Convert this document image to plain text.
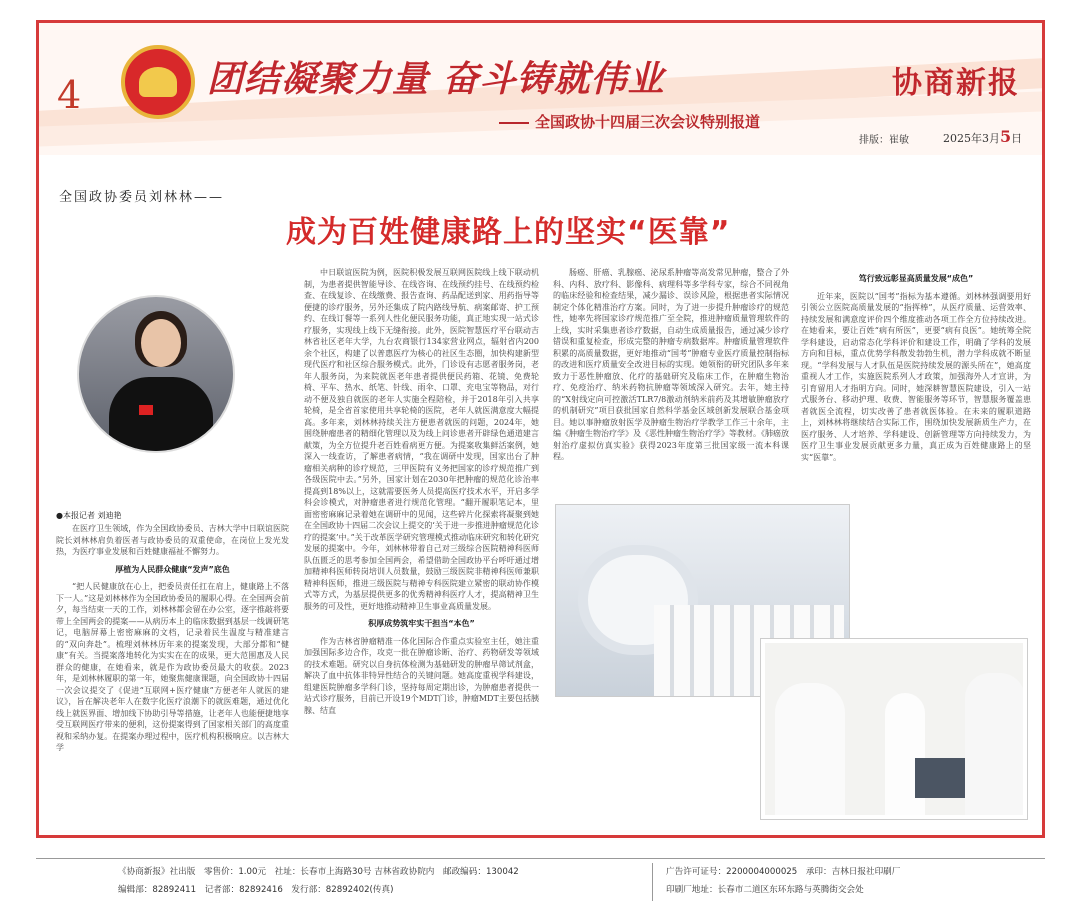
4	团结凝聚力量 奋斗铸就伟业
全国政协十四届三次会议特别报道
协商新报
排版：崔敏	2025年3月5日
全国政协委员刘林林——
成为百姓健康路上的坚实“医靠”
●本报记者 刘迪艳

在医疗卫生领域，作为全国政协委员、吉林大学中日联谊医院院长刘林林肩负着医者与政协委员的双重使命，在岗位上发光发热，为医疗事业发展和百姓健康福祉不懈努力。

厚植为人民群众健康“发声”底色

“把人民健康放在心上，把委员责任扛在肩上，健康路上不落下一人。”这是刘林林作为全国政协委员的履职心得。在全国两会前夕，每当结束一天的工作，刘林林都会留在办公室，逐字推敲将要带上全国两会的提案——从病历本上的临床数据到基层一线调研笔记，电脑屏幕上密密麻麻的文档，记录着民生温度与精准建言的“双向奔赴”。梳理刘林林历年来的提案发现，大部分都和“健康”有关。当提案落地转化为实实在在的成果，更大范围惠及人民群众的健康，在她看来，就是作为政协委员最大的收获。2023年，是刘林林履职的第一年，她聚焦健康课题，向全国政协十四届一次会议提交了《促进“互联网+医疗健康”方便老年人就医的建议》，旨在解决老年人在数字化医疗浪潮下的就医难题，通过优化线上就医界面、增加线下协助引导等措施，让老年人也能便捷地享受互联网医疗带来的便利，这份提案得到了国家相关部门的高度重视和采纳办复。在提案办理过程中，医疗机构积极响应。以吉林大学

中日联谊医院为例，医院积极发展互联网医院线上线下联动机制，为患者提供智能导诊、在线咨询、在线预约挂号、在线预约检查、在线复诊、在线缴费、报告查询、药品配送到家、用药指导等便捷的诊疗服务，另外还集成了院内路线导航、病案邮寄、护工预约、在线订餐等一系列人性化便民服务功能，真正地实现一站式诊疗服务，实现线上线下无缝衔接。此外，医院智慧医疗平台联动吉林省社区老年大学，九台农商银行134家营业网点，辐射省内200余个社区，构建了以普惠医疗为核心的社区生态圈，加快构建新型现代医疗和社区综合服务模式。此外，门诊设有志愿者服务岗，老年人服务岗，为来院就医老年患者提供便民药箱、花镜、免费轮椅、平车、热水、纸笔、针线、雨伞、口罩、充电宝等物品，对行动不便及独自就医的老年人实施全程陪检，并于2018年引入共享轮椅，是全省首家使用共享轮椅的医院，老年人就医满意度大幅提高。多年来，刘林林持续关注方便患者就医的问题，2024年，她围绕肿瘤患者的精细化管理以及为线上问诊患者开辟绿色通道建言献策，为全方位提升老百姓看病更方便。为提案收集鲜活案例，她深入一线查访，了解患者病情，“我在调研中发现，国家出台了肿瘤相关病种的诊疗规范，三甲医院有义务把国家的诊疗规范推广到各级医院中去。”另外，国家计划在2030年把肿瘤的规范化诊治率提高到18%以上，这就需要医务人员提高医疗技术水平，开启多学科会诊模式，对肿瘤患者进行规范化管理。“翻开履职笔记本，里面密密麻麻记录着她在调研中的见闻，这些碎片化探索将凝聚到她在全国政协十四届二次会议上提交的‘关于进一步推进肿瘤规范化诊疗的提案’中。”关于改革医学研究管理模式推动临床研究和转化研究发展的提案中。今年，刘林林带着自己对三级综合医院精神科医师队伍匮乏的思考参加全国两会，希望借助全国政协平台呼吁通过增加精神科医师转岗培训人员数量，鼓励三级医院非精神科医师兼职精神科医师，推进三级医院与精神专科医院建立紧密的联动协作模式等方式，为基层提供更多的优秀精神科医疗人才，提高精神卫生服务的可及性，更好地推动精神卫生事业高质量发展。

积厚成势筑牢实干担当“本色”

作为吉林省肿瘤精准一体化国际合作重点实验室主任，她注重加强国际多边合作，攻克一批在肿瘤诊断、治疗、药物研发等领域的技术难题。研究以自身抗体检测为基础研发的肿瘤早筛试剂盒，解决了血中抗体非特异性结合的关键问题。她高度重视学科建设，组建医院肿瘤多学科门诊，坚持每周定期出诊，为肿瘤患者提供一站式诊疗服务，目前已开设19个MDT门诊，肿瘤MDT主要包括胰腺、结直

肠癌、肝癌、乳腺癌、泌尿系肿瘤等高发常见肿瘤，整合了外科、内科、放疗科、影像科、病理科等多学科专家，综合不同视角的临床经验和检查结果，减少漏诊、误诊风险，根据患者实际情况制定个体化精准治疗方案。同时，为了进一步提升肿瘤诊疗的规范性，她率先将国家诊疗规范推广至全院，推进肿瘤质量管理软件的上线，实时采集患者诊疗数据，自动生成质量报告，通过减少诊疗错误和重复检查，形成完整的肿瘤专病数据库。肿瘤质量管理软件积累的高质量数据，更好地推动“国考”肿瘤专业医疗质量控制指标的改进和医疗质量安全改进目标的实现。她领衔的研究团队多年来致力于恶性肿瘤放、化疗的基础研究及临床工作，在肿瘤生物治疗、免疫治疗、纳米药物抗肿瘤等领域深入研究。去年，她主持的“X射线定向可控激活TLR7/8激动剂纳米前药及其增敏肿瘤放疗的机制研究”项目获批国家自然科学基金区域创新发展联合基金项目。她以事肿瘤放射医学及肿瘤生物治疗学教学工作三十余年，主编《肿瘤生物治疗学》及《恶性肿瘤生物治疗学》等教材。《肺癌放射治疗虚拟仿真实验》获得2023年度第三批国家级一流本科课程。

笃行致远彰显高质量发展“成色”

近年来，医院以“国考”指标为基本遵循。刘林林强调要用好引领公立医院高质量发展的“指挥棒”，从医疗质量、运营效率、持续发展和满意度评价四个维度推动各项工作全方位持续改进。在她看来，要让百姓“病有所医”，更要“病有良医”。她统筹全院学科建设，启动常态化学科评价和建设工作，明确了学科的发展方向和目标，重点优势学科散发勃勃生机，潜力学科成就不断显现。“学科发展与人才队伍是医院持续发展的源头所在”，她高度重视人才工作，实施医院系列人才政策，加强海外人才宣讲，为引育留用人才指明方向。同时，她深耕智慧医院建设，引入一站式服务台、移动护理、收费、智能服务等环节，智慧服务覆盖患者就医全流程，切实改善了患者就医体验。在未来的履职道路上，刘林林将继续结合实际工作，围绕加快发展新质生产力，在医疗服务、人才培养、学科建设、创新管理等方向持续发力，为医疗卫生事业发展贡献更多力量，真正成为百姓健康路上的坚实“医靠”。

《协商新报》社出版　零售价：1.00元　社址：长春市上海路30号 吉林省政协院内　邮政编码：130042
编辑部：82892411　记者部：82892416　发行部：82892402(传真)
广告许可证号：2200004000025　承印：吉林日报社印刷厂
印刷厂地址：长春市二道区东环东路与英腾街交会处
